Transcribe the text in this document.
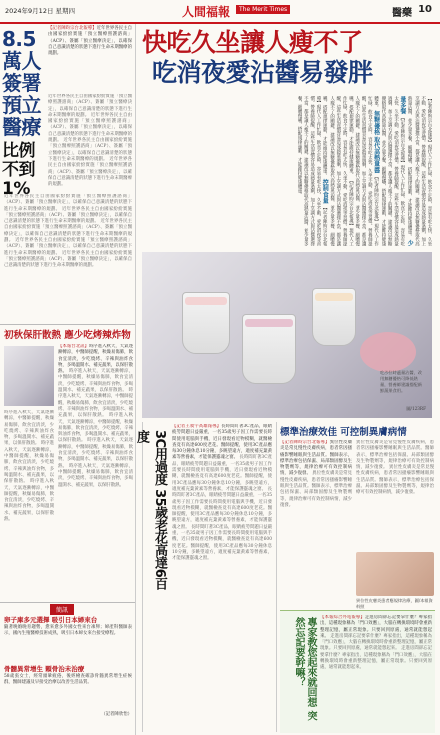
2024年9月12日 星期四	人間福報	The Merit Times	醫藥 10
8.5萬人簽署預立醫療
比例不到1%
【記者陳昀宗台北報導】近年世界各民主自由國家紛紛實施「預立醫療照護諮商」（ACP）、簽屬「預立醫療決定」，以確保自己意識清楚的狀態下進行生命末期醫療的規劃。
近年世界各民主自由國家紛紛實施「預立醫療照護諮商」（ACP）、簽屬「預立醫療決定」，以確保自己意識清楚的狀態下進行生命末期醫療的規劃。 近年世界各民主自由國家紛紛實施「預立醫療照護諮商」（ACP）、簽屬「預立醫療決定」，以確保自己意識清楚的狀態下進行生命末期醫療的規劃。 近年世界各民主自由國家紛紛實施「預立醫療照護諮商」（ACP）、簽屬「預立醫療決定」，以確保自己意識清楚的狀態下進行生命末期醫療的規劃。 近年世界各民主自由國家紛紛實施「預立醫療照護諮商」（ACP）、簽屬「預立醫療決定」，以確保自己意識清楚的狀態下進行生命末期醫療的規劃。
近年世界各民主自由國家紛紛實施「預立醫療照護諮商」（ACP）、簽屬「預立醫療決定」，以確保自己意識清楚的狀態下進行生命末期醫療的規劃。 近年世界各民主自由國家紛紛實施「預立醫療照護諮商」（ACP）、簽屬「預立醫療決定」，以確保自己意識清楚的狀態下進行生命末期醫療的規劃。 近年世界各民主自由國家紛紛實施「預立醫療照護諮商」（ACP）、簽屬「預立醫療決定」，以確保自己意識清楚的狀態下進行生命末期醫療的規劃。 近年世界各民主自由國家紛紛實施「預立醫療照護諮商」（ACP）、簽屬「預立醫療決定」，以確保自己意識清楚的狀態下進行生命末期醫療的規劃。 近年世界各民主自由國家紛紛實施「預立醫療照護諮商」（ACP）、簽屬「預立醫療決定」，以確保自己意識清楚的狀態下進行生命末期醫療的規劃。
初秋保肝散熱 應少吃烤辣炸物
【本報台北訊】時序進入秋天，天氣逐漸轉涼，中醫師提醒，秋燥易傷肺，飲食宜清淡，少吃燒烤、辛辣與油炸食物，多喝溫開水、補充蔬果，以保肝散熱。 時序進入秋天，天氣逐漸轉涼，中醫師提醒，秋燥易傷肺，飲食宜清淡，少吃燒烤、辛辣與油炸食物，多喝溫開水、補充蔬果，以保肝散熱。 時序進入秋天，天氣逐漸轉涼，中醫師提醒，秋燥易傷肺，飲食宜清淡，少吃燒烤、辛辣與油炸食物，多喝溫開水、補充蔬果，以保肝散熱。 時序進入秋天，天氣逐漸轉涼，中醫師提醒，秋燥易傷肺，飲食宜清淡，少吃燒烤、辛辣與油炸食物，多喝溫開水、補充蔬果，以保肝散熱。 時序進入秋天，天氣逐漸轉涼，中醫師提醒，秋燥易傷肺，飲食宜清淡，少吃燒烤、辛辣與油炸食物，多喝溫開水、補充蔬果，以保肝散熱。 時序進入秋天，天氣逐漸轉涼，中醫師提醒，秋燥易傷肺，飲食宜清淡，少吃燒烤、辛辣與油炸食物，多喝溫開水、補充蔬果，以保肝散熱。
時序進入秋天，天氣逐漸轉涼，中醫師提醒，秋燥易傷肺，飲食宜清淡，少吃燒烤、辛辣與油炸食物，多喝溫開水、補充蔬果，以保肝散熱。 時序進入秋天，天氣逐漸轉涼，中醫師提醒，秋燥易傷肺，飲食宜清淡，少吃燒烤、辛辣與油炸食物，多喝溫開水、補充蔬果，以保肝散熱。 時序進入秋天，天氣逐漸轉涼，中醫師提醒，秋燥易傷肺，飲食宜清淡，少吃燒烤、辛辣與油炸食物，多喝溫開水、補充蔬果，以保肝散熱。
簡訊
卵子庫多元選擇 吸引日本婦來台
隨著晚婚晚育趨勢，愈來愈多外國女性來台凍卵；婦產科醫師表示，國內生殖醫療技術成熟，吸引日本婦女來台接受療程。
骨髓異常增生 顆骨治未治療
58歲張女士，經常頭暈疲倦，後經檢查確診骨髓異常增生症候群，醫師建議及早接受治療以改善生活品質。
（記者陳欣怡）
快吃久坐讓人瘦不了
吃消夜愛沾醬易發胖
【記者陳昀宗台北報導】現代人工作忙碌，飲食不定時，容易有吃太快、久坐不動、愛吃消夜等習慣。營養師提醒，這些生活習慣容易造成熱量過剩，加上烹調方式與沾醬選擇不當，都是讓人瘦不了的關鍵。建議改以無糖優格取代高熱量沾醬，並少量多餐、細嚼慢嚥，搭配規律運動，才能維持健康體重。 少量多餐 【記者陳昀宗台北報導】現代人工作忙碌，飲食不定時，容易有吃太快、久坐不動、愛吃消夜等習慣。營養師提醒，這些生活習慣容易造成熱量過剩，加上烹調方式與沾醬選擇不當，都是讓人瘦不了的關鍵。建議改以無糖優格取代高熱量沾醬，並少量多餐、細嚼慢嚥，搭配規律運動，才能維持健康體重。 無糖優格 取代高熱量醬 【記者陳昀宗台北報導】現代人工作忙碌，飲食不定時，容易有吃太快、久坐不動、愛吃消夜等習慣。營養師提醒，這些生活習慣容易造成熱量過剩，加上烹調方式與沾醬選擇不當，都是讓人瘦不了的關鍵。建議改以無糖優格取代高熱量沾醬，並少量多餐、細嚼慢嚥，搭配規律運動，才能維持健康體重。 【記者陳昀宗台北報導】現代人工作忙碌，飲食不定時，容易有吃太快、久坐不動、愛吃消夜等習慣。營養師提醒，這些生活習慣容易造成熱量過剩，加上烹調方式與沾醬選擇不當，都是讓人瘦不了的關鍵。建議改以無糖優格取代高熱量沾醬，並少量多餐、細嚼慢嚥，搭配規律運動，才能維持健康體重。 控制食量 【記者陳昀宗台北報導】現代人工作忙碌，飲食不定時，容易有吃太快、久坐不動、愛吃消夜等習慣。營養師提醒，這些生活習慣容易造成熱量過剩，加上烹調方式與沾醬選擇不當，都是讓人瘦不了的關鍵。建議改以無糖優格取代高熱量沾醬，並少量多餐、細嚼慢嚥，搭配規律運動，才能維持健康體重。
吃沙拉時適量沾醬，改用無糖優格可降低熱量，營養師建議搭配新鮮蔬果食用。
圖/123RF
3C用過度 35歲老花高達6百度
【記者王昶宇高雄報導】長時間盯著3C產品，眼睛疲勞問題日益嚴重，一名35歲男子因工作需要長時間使用電腦與手機，近日發現看近物模糊，就醫檢查竟有高達600度老花。醫師提醒，使用3C產品應每30分鐘休息10分鐘，多眺望遠方，適度補充葉黃素等營養素，才能保護靈魂之窗。 長時間盯著3C產品，眼睛疲勞問題日益嚴重，一名35歲男子因工作需要長時間使用電腦與手機，近日發現看近物模糊，就醫檢查竟有高達600度老花。醫師提醒，使用3C產品應每30分鐘休息10分鐘，多眺望遠方，適度補充葉黃素等營養素，才能保護靈魂之窗。 長時間盯著3C產品，眼睛疲勞問題日益嚴重，一名35歲男子因工作需要長時間使用電腦與手機，近日發現看近物模糊，就醫檢查竟有高達600度老花。醫師提醒，使用3C產品應每30分鐘休息10分鐘，多眺望遠方，適度補充葉黃素等營養素，才能保護靈魂之窗。 長時間盯著3C產品，眼睛疲勞問題日益嚴重，一名35歲男子因工作需要長時間使用電腦與手機，近日發現看近物模糊，就醫檢查竟有高達600度老花。醫師提醒，使用3C產品應每30分鐘休息10分鐘，多眺望遠方，適度補充葉黃素等營養素，才能保護靈魂之窗。
標準治療效佳 可控制異膚病情
【記者陳昀宗台北報導】異位性皮膚炎是常見慢性皮膚疾病，患者常因搔癢影響睡眠與生活品質。醫師表示，標準治療包括保濕、局部類固醇及生物製劑等，規律治療可有效控制病情，減少復發。 異位性皮膚炎是常見慢性皮膚疾病，患者常因搔癢影響睡眠與生活品質。醫師表示，標準治療包括保濕、局部類固醇及生物製劑等，規律治療可有效控制病情，減少復發。
異位性皮膚炎是常見慢性皮膚疾病，患者常因搔癢影響睡眠與生活品質。醫師表示，標準治療包括保濕、局部類固醇及生物製劑等，規律治療可有效控制病情，減少復發。 異位性皮膚炎是常見慢性皮膚疾病，患者常因搔癢影響睡眠與生活品質。醫師表示，標準治療包括保濕、局部類固醇及生物製劑等，規律治療可有效控制病情，減少復發。
異位性皮膚炎患者應規律治療，圖/本報資料照
專家教您起來就回想 突然忘記要幹嘛？	【本報綜合外電報導】走進房間卻忘記要拿什麼？專家指出，這種現象稱為「門口效應」，大腦在轉換環境時會重新整理記憶，屬正常現象。只要回到原處，通常就能想起來。 走進房間卻忘記要拿什麼？專家指出，這種現象稱為「門口效應」，大腦在轉換環境時會重新整理記憶，屬正常現象。只要回到原處，通常就能想起來。 走進房間卻忘記要拿什麼？專家指出，這種現象稱為「門口效應」，大腦在轉換環境時會重新整理記憶，屬正常現象。只要回到原處，通常就能想起來。
